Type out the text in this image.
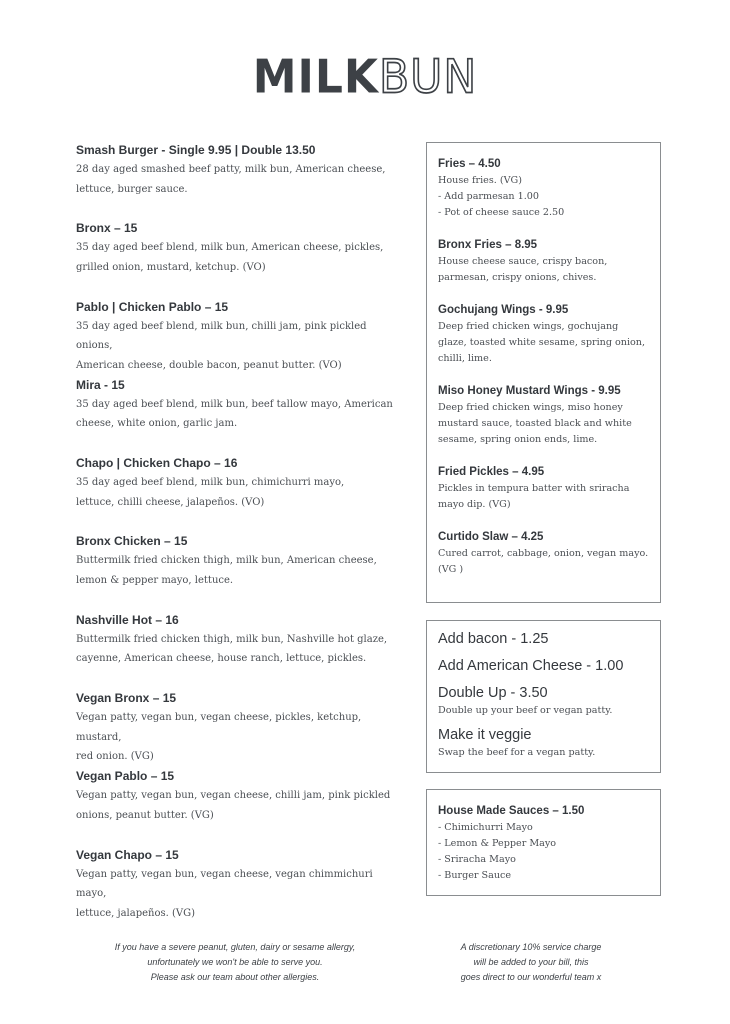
MILKBUN
Smash Burger - Single 9.95 | Double 13.50
28 day aged smashed beef patty, milk bun, American cheese,
lettuce, burger sauce.
Bronx – 15
35 day aged beef blend, milk bun, American cheese, pickles,
grilled onion, mustard, ketchup. (VO)
Pablo | Chicken Pablo – 15
35 day aged beef blend, milk bun, chilli jam, pink pickled onions,
American cheese, double bacon, peanut butter. (VO)
Mira - 15
35 day aged beef blend, milk bun, beef tallow mayo, American
cheese, white onion, garlic jam.
Chapo | Chicken Chapo – 16
35 day aged beef blend, milk bun, chimichurri mayo,
lettuce, chilli cheese, jalapeños. (VO)
Bronx Chicken – 15
Buttermilk fried chicken thigh, milk bun, American cheese,
lemon & pepper mayo, lettuce.
Nashville Hot – 16
Buttermilk fried chicken thigh, milk bun, Nashville hot glaze,
cayenne, American cheese, house ranch, lettuce, pickles.
Vegan Bronx – 15
Vegan patty, vegan bun, vegan cheese, pickles, ketchup, mustard,
red onion. (VG)
Vegan Pablo – 15
Vegan patty, vegan bun, vegan cheese, chilli jam, pink pickled
onions, peanut butter. (VG)
Vegan Chapo – 15
Vegan patty, vegan bun, vegan cheese, vegan chimmichuri mayo,
lettuce, jalapeños. (VG)
Fries – 4.50
House fries. (VG)
- Add parmesan 1.00
- Pot of cheese sauce 2.50
Bronx Fries – 8.95
House cheese sauce, crispy bacon,
parmesan, crispy onions, chives.
Gochujang Wings - 9.95
Deep fried chicken wings, gochujang
glaze, toasted white sesame, spring onion,
chilli, lime.
Miso Honey Mustard Wings - 9.95
Deep fried chicken wings, miso honey
mustard sauce, toasted black and white
sesame, spring onion ends, lime.
Fried Pickles – 4.95
Pickles in tempura batter with sriracha
mayo dip. (VG)
Curtido Slaw – 4.25
Cured carrot, cabbage, onion, vegan mayo.
(VG )
Add bacon - 1.25
Add American Cheese - 1.00
Double Up - 3.50
Double up your beef or vegan patty.
Make it veggie
Swap the beef for a vegan patty.
House Made Sauces – 1.50
- Chimichurri Mayo
- Lemon & Pepper Mayo
- Sriracha Mayo
- Burger Sauce
If you have a severe peanut, gluten, dairy or sesame allergy,
unfortunately we won't be able to serve you.
Please ask our team about other allergies.
A discretionary 10% service charge
will be added to your bill, this
goes direct to our wonderful team x
